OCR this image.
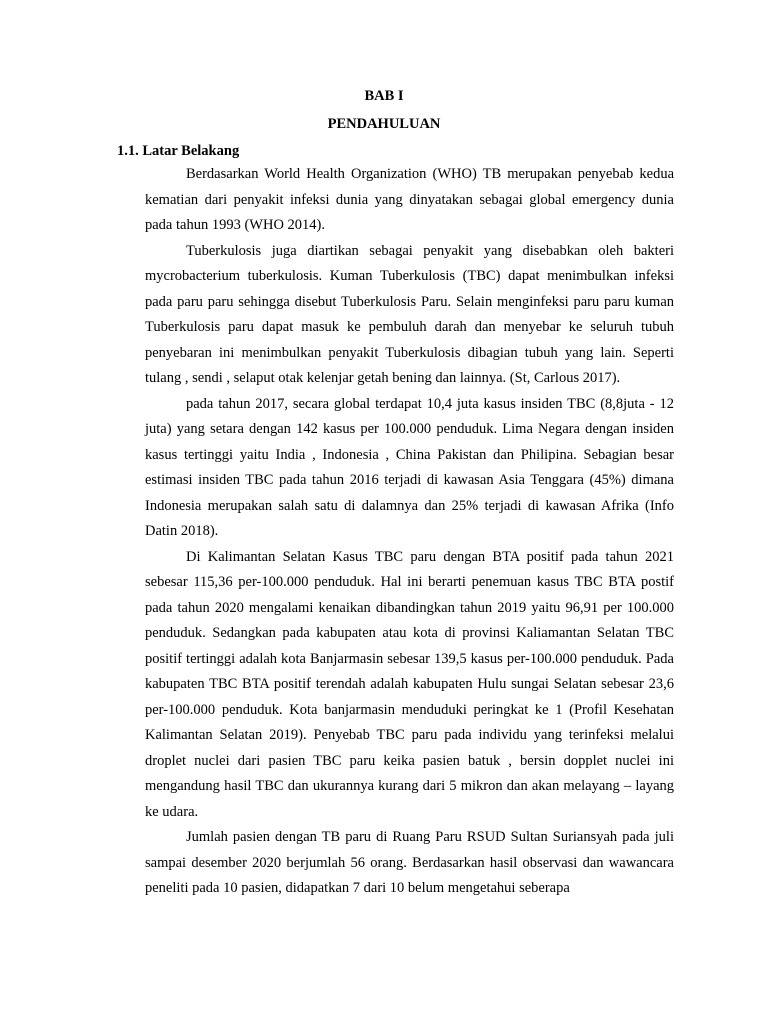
BAB I
PENDAHULUAN
1.1. Latar Belakang

Berdasarkan World Health Organization (WHO) TB merupakan penyebab kedua kematian dari penyakit infeksi dunia yang dinyatakan sebagai global emergency dunia pada tahun 1993 (WHO 2014).

Tuberkulosis juga diartikan sebagai penyakit yang disebabkan oleh bakteri mycrobacterium tuberkulosis. Kuman Tuberkulosis (TBC) dapat menimbulkan infeksi pada paru paru sehingga disebut Tuberkulosis Paru. Selain menginfeksi paru paru kuman Tuberkulosis paru dapat masuk ke pembuluh darah dan menyebar ke seluruh tubuh penyebaran ini menimbulkan penyakit Tuberkulosis dibagian tubuh yang lain. Seperti tulang , sendi , selaput otak kelenjar getah bening dan lainnya. (St, Carlous 2017).

pada tahun 2017, secara global terdapat 10,4 juta kasus insiden TBC (8,8juta - 12 juta) yang setara dengan 142 kasus per 100.000 penduduk. Lima Negara dengan insiden kasus tertinggi yaitu India , Indonesia , China Pakistan dan Philipina. Sebagian besar estimasi insiden TBC pada tahun 2016 terjadi di kawasan Asia Tenggara (45%) dimana Indonesia merupakan salah satu di dalamnya dan 25% terjadi di kawasan Afrika (Info Datin 2018).

Di Kalimantan Selatan Kasus TBC paru dengan BTA positif pada tahun 2021 sebesar 115,36 per-100.000 penduduk. Hal ini berarti penemuan kasus TBC BTA postif pada tahun 2020 mengalami kenaikan dibandingkan tahun 2019 yaitu 96,91 per 100.000 penduduk. Sedangkan pada kabupaten atau kota di provinsi Kaliamantan Selatan TBC positif tertinggi adalah kota Banjarmasin sebesar 139,5 kasus per-100.000 penduduk. Pada kabupaten TBC BTA positif terendah adalah kabupaten Hulu sungai Selatan sebesar 23,6 per-100.000 penduduk. Kota banjarmasin menduduki peringkat ke 1 (Profil Kesehatan Kalimantan Selatan 2019). Penyebab TBC paru pada individu yang terinfeksi melalui droplet nuclei dari pasien TBC paru keika pasien batuk , bersin dopplet nuclei ini mengandung hasil TBC dan ukurannya kurang dari 5 mikron dan akan melayang – layang ke udara.

Jumlah pasien dengan TB paru di Ruang Paru RSUD Sultan Suriansyah pada juli sampai desember 2020 berjumlah 56 orang. Berdasarkan hasil observasi dan wawancara peneliti pada 10 pasien, didapatkan 7 dari 10 belum mengetahui seberapa
